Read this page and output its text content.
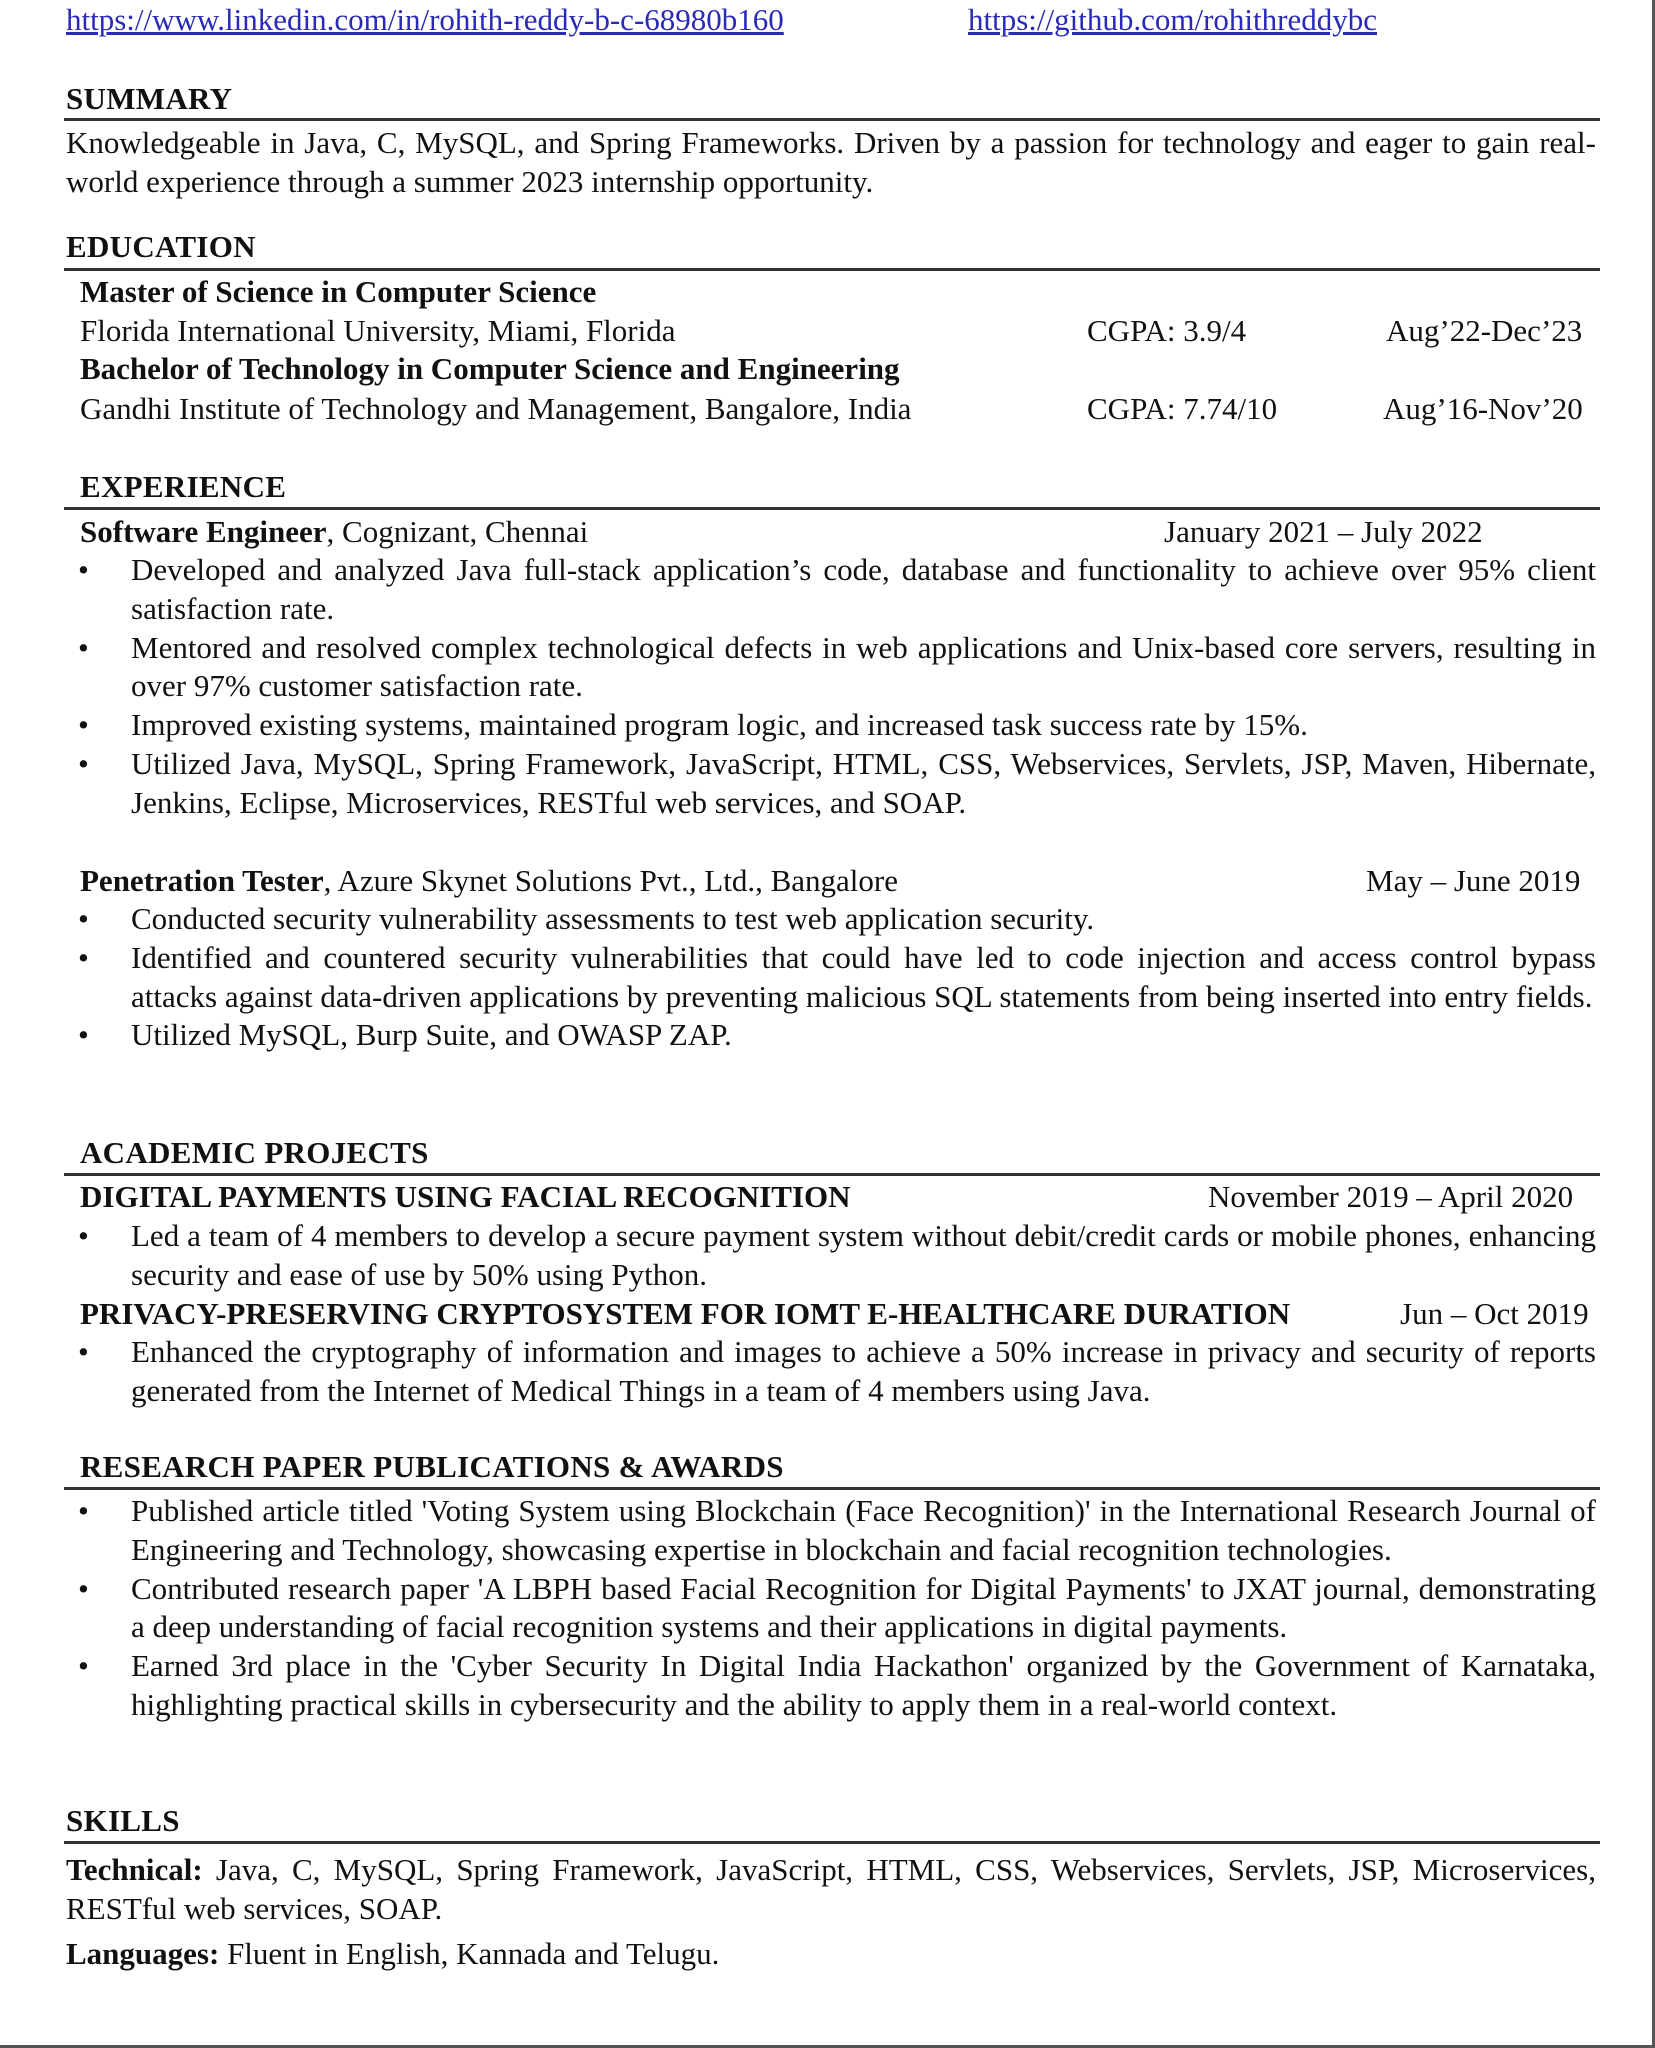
https://www.linkedin.com/in/rohith-reddy-b-c-68980b160	https://github.com/rohithreddybc
SUMMARY
Knowledgeable in Java, C, MySQL, and Spring Frameworks. Driven by a passion for technology and eager to gain real-world experience through a summer 2023 internship opportunity.
EDUCATION
Master of Science in Computer Science
Florida International University, Miami, Florida	CGPA: 3.9/4	Aug’22-Dec’23
Bachelor of Technology in Computer Science and Engineering
Gandhi Institute of Technology and Management, Bangalore, India	CGPA: 7.74/10	Aug’16-Nov’20
EXPERIENCE
Software Engineer, Cognizant, Chennai	January 2021 – July 2022
• Developed and analyzed Java full-stack application’s code, database and functionality to achieve over 95% client satisfaction rate.
• Mentored and resolved complex technological defects in web applications and Unix-based core servers, resulting in over 97% customer satisfaction rate.
• Improved existing systems, maintained program logic, and increased task success rate by 15%.
• Utilized Java, MySQL, Spring Framework, JavaScript, HTML, CSS, Webservices, Servlets, JSP, Maven, Hibernate, Jenkins, Eclipse, Microservices, RESTful web services, and SOAP.
Penetration Tester, Azure Skynet Solutions Pvt., Ltd., Bangalore	May – June 2019
• Conducted security vulnerability assessments to test web application security.
• Identified and countered security vulnerabilities that could have led to code injection and access control bypass attacks against data-driven applications by preventing malicious SQL statements from being inserted into entry fields.
• Utilized MySQL, Burp Suite, and OWASP ZAP.
ACADEMIC PROJECTS
DIGITAL PAYMENTS USING FACIAL RECOGNITION	November 2019 – April 2020
• Led a team of 4 members to develop a secure payment system without debit/credit cards or mobile phones, enhancing security and ease of use by 50% using Python.
PRIVACY-PRESERVING CRYPTOSYSTEM FOR IOMT E-HEALTHCARE DURATION	Jun – Oct 2019
• Enhanced the cryptography of information and images to achieve a 50% increase in privacy and security of reports generated from the Internet of Medical Things in a team of 4 members using Java.
RESEARCH PAPER PUBLICATIONS & AWARDS
• Published article titled 'Voting System using Blockchain (Face Recognition)' in the International Research Journal of Engineering and Technology, showcasing expertise in blockchain and facial recognition technologies.
• Contributed research paper 'A LBPH based Facial Recognition for Digital Payments' to JXAT journal, demonstrating a deep understanding of facial recognition systems and their applications in digital payments.
• Earned 3rd place in the 'Cyber Security In Digital India Hackathon' organized by the Government of Karnataka, highlighting practical skills in cybersecurity and the ability to apply them in a real-world context.
SKILLS
Technical: Java, C, MySQL, Spring Framework, JavaScript, HTML, CSS, Webservices, Servlets, JSP, Microservices, RESTful web services, SOAP.
Languages: Fluent in English, Kannada and Telugu.
